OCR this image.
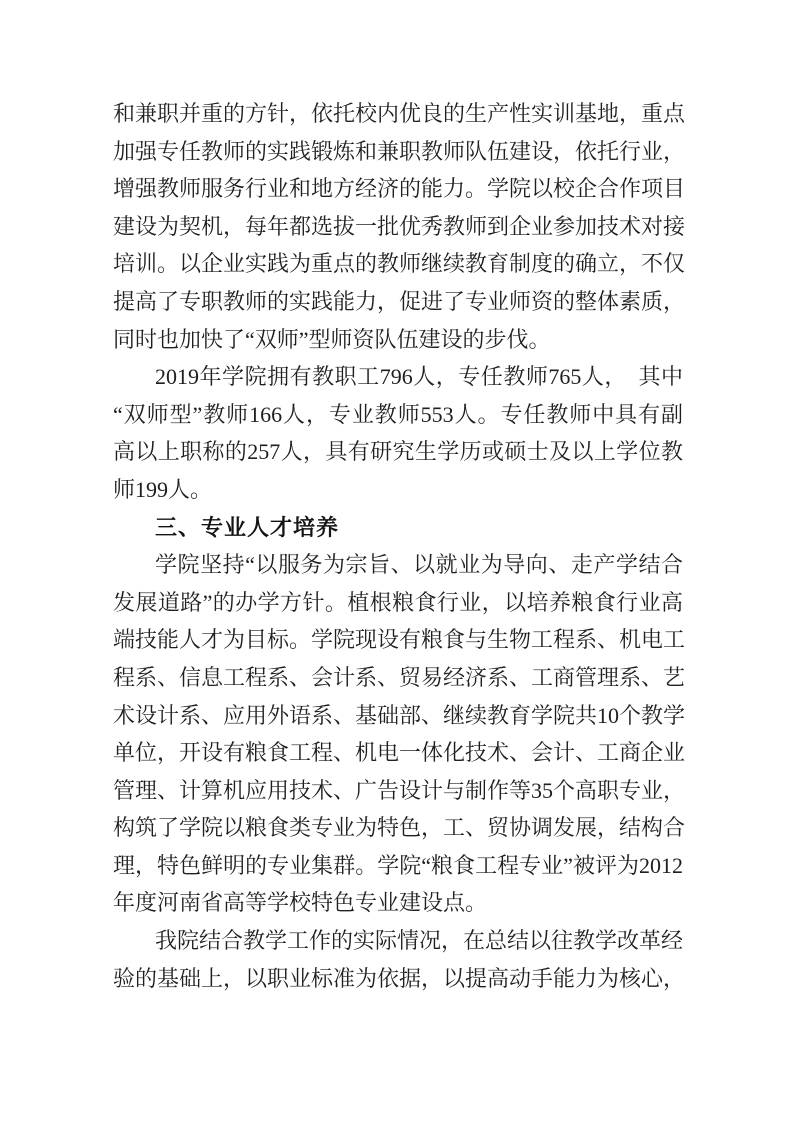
和兼职并重的方针，依托校内优良的生产性实训基地，重点
加强专任教师的实践锻炼和兼职教师队伍建设，依托行业，
增强教师服务行业和地方经济的能力。学院以校企合作项目
建设为契机，每年都选拔一批优秀教师到企业参加技术对接
培训。以企业实践为重点的教师继续教育制度的确立，不仅
提高了专职教师的实践能力，促进了专业师资的整体素质，
同时也加快了“双师”型师资队伍建设的步伐。
2019年学院拥有教职工796人，专任教师765人，　其中
“双师型”教师166人，专业教师553人。专任教师中具有副
高以上职称的257人，具有研究生学历或硕士及以上学位教
师199人。
三、专业人才培养
学院坚持“以服务为宗旨、以就业为导向、走产学结合
发展道路”的办学方针。植根粮食行业，以培养粮食行业高
端技能人才为目标。学院现设有粮食与生物工程系、机电工
程系、信息工程系、会计系、贸易经济系、工商管理系、艺
术设计系、应用外语系、基础部、继续教育学院共10个教学
单位，开设有粮食工程、机电一体化技术、会计、工商企业
管理、计算机应用技术、广告设计与制作等35个高职专业，
构筑了学院以粮食类专业为特色，工、贸协调发展，结构合
理，特色鲜明的专业集群。学院“粮食工程专业”被评为2012
年度河南省高等学校特色专业建设点。
我院结合教学工作的实际情况，在总结以往教学改革经
验的基础上，以职业标准为依据，以提高动手能力为核心，
